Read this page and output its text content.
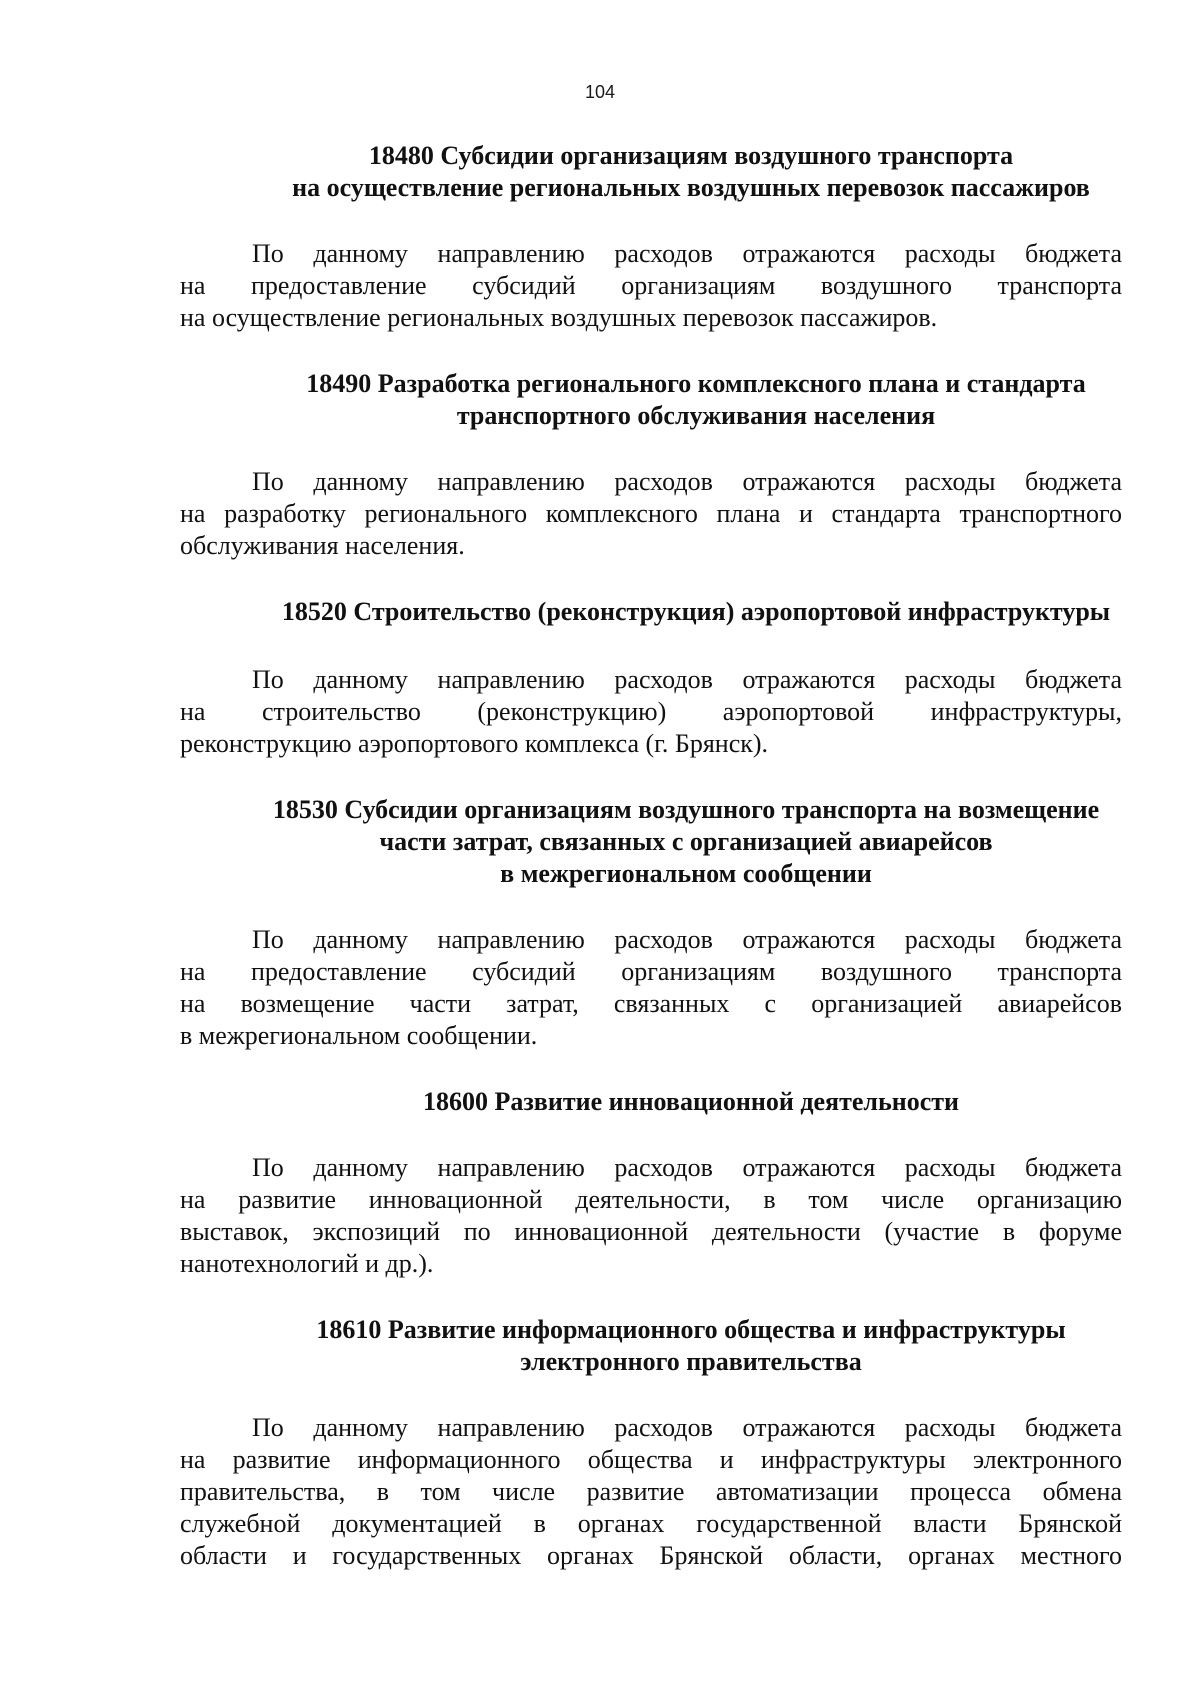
104
18480 Субсидии организациям воздушного транспорта
на осуществление региональных воздушных перевозок пассажиров

По данному направлению расходов отражаются расходы бюджета
на предоставление субсидий организациям воздушного транспорта
на осуществление региональных воздушных перевозок пассажиров.

18490 Разработка регионального комплексного плана и стандарта
транспортного обслуживания населения

По данному направлению расходов отражаются расходы бюджета
на разработку регионального комплексного плана и стандарта транспортного
обслуживания населения.

18520 Строительство (реконструкция) аэропортовой инфраструктуры

По данному направлению расходов отражаются расходы бюджета
на строительство (реконструкцию) аэропортовой инфраструктуры,
реконструкцию аэропортового комплекса (г. Брянск).

18530 Субсидии организациям воздушного транспорта на возмещение
части затрат, связанных с организацией авиарейсов
в межрегиональном сообщении

По данному направлению расходов отражаются расходы бюджета
на предоставление субсидий организациям воздушного транспорта
на возмещение части затрат, связанных с организацией авиарейсов
в межрегиональном сообщении.

18600 Развитие инновационной деятельности

По данному направлению расходов отражаются расходы бюджета
на развитие инновационной деятельности, в том числе организацию
выставок, экспозиций по инновационной деятельности (участие в форуме
нанотехнологий и др.).

18610 Развитие информационного общества и инфраструктуры
электронного правительства

По данному направлению расходов отражаются расходы бюджета
на развитие информационного общества и инфраструктуры электронного
правительства, в том числе развитие автоматизации процесса обмена
служебной документацией в органах государственной власти Брянской
области и государственных органах Брянской области, органах местного
